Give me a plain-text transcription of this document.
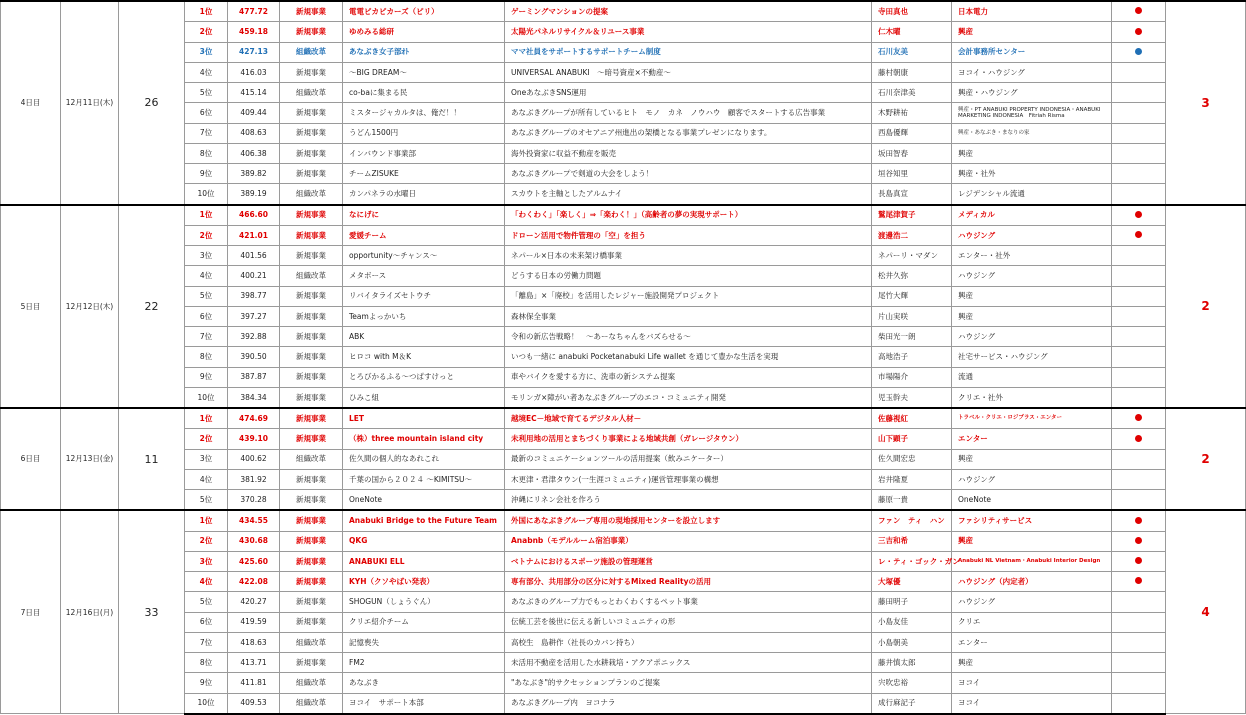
4日目	12月11日(木)	26	1位	477.72	新規事業	電電ピカピカーズ（ピリ）	ゲーミングマンションの提案	寺田真也	日本電力		3
			2位	459.18	新規事業	ゆめみる総研	太陽光パネルリサイクル＆リユース事業	仁木曜	興産		
			3位	427.13	組織改革	あなぶき女子部ｵﾄ	ママ社員をサポートするサポートチーム制度	石川友美	会計事務所センター		
			4位	416.03	新規事業	～BIG DREAM～	UNIVERSAL ANABUKI　～暗号資産×不動産～	藤村朝康	ヨコイ・ハウジング		
			5位	415.14	組織改革	co-baに集まる民	OneあなぶきSNS運用	石川奈津美	興産・ハウジング		
			6位	409.44	新規事業	ミスタージャカルタは、俺だ！！	あなぶきグループが所有しているヒト　モノ　カネ　ノウハウ　顧客でスタートする広告事業	木野耕祐	興産・PT ANABUKI PROPERTY INDONESIA・ANABUKI MARKETING INDONESIA　Fitriah Risma		
			7位	408.63	新規事業	うどん1500円	あなぶきグループのオセアニア州進出の架橋となる事業プレゼンになります。	西島優輝	興産・あなぶき・まなりの家		
			8位	406.38	新規事業	インバウンド事業部	海外投資家に収益不動産を販売	坂田智春	興産		
			9位	389.82	新規事業	チームZISUKE	あなぶきグループで剣道の大会をしよう！	垣谷知里	興産・社外		
			10位	389.19	組織改革	カンパネラの水曜日	スカウトを主軸としたアルムナイ	長島真宣	レジデンシャル流通		
5日目	12月12日(木)	22	1位	466.60	新規事業	なにげに	「わくわく」「楽しく」⇒「楽わく！」（高齢者の夢の実現サポート）	鷲尾津賀子	メディカル		2
			2位	421.01	新規事業	愛媛チーム	ドローン活用で物件管理の「空」を担う	渡邊浩二	ハウジング		
			3位	401.56	新規事業	opportunity～チャンス～	ネパール×日本の未来架け橋事業	ネパーリ・マダン	エンター・社外		
			4位	400.21	組織改革	メタボース	どうする日本の労働力問題	松井久弥	ハウジング		
			5位	398.77	新規事業	リバイタライズセトウチ	「離島」×「廃校」を活用したレジャー施設開発プロジェクト	尾竹大輝	興産		
			6位	397.27	新規事業	Teamよっかいち	森林保全事業	片山実咲	興産		
			7位	392.88	新規事業	ABK	令和の新広告戦略！　～あーなちゃんをバズらせる～	柴田光一朗	ハウジング		
			8位	390.50	新規事業	ヒロコ with M＆K	いつも一緒に anabuki Pocketanabuki Life wallet を通じて豊かな生活を実現	高地浩子	社宅サービス・ハウジング		
			9位	387.87	新規事業	とろびかるふる～つぱすけっと	車やバイクを愛する方に、洗車の新システム提案	市場陽介	流通		
			10位	384.34	新規事業	ひみこ組	モリンガ×障がい者あなぶきグループのエコ・コミュニティ開発	児玉幹夫	クリエ・社外		
6日目	12月13日(金)	11	1位	474.69	新規事業	LET	越境EC－地域で育てるデジタル人材－	佐藤視紅	トラベル・クリエ・ロジプラス・エンター		2
			2位	439.10	新規事業	（株）three mountain island city	未利用地の活用とまちづくり事業による地域共創（ガレージタウン）	山下顕子	エンター		
			3位	400.62	組織改革	佐久間の個人的なあれこれ	最新のコミュニケーションツールの活用提案（飲みニケーター）	佐久間宏忠	興産		
			4位	381.92	新規事業	千葉の国から２０２４ ～KIMITSU～	木更津・君津タウン(一生涯コミュニティ)運営管理事業の構想	岩井隆夏	ハウジング		
			5位	370.28	新規事業	OneNote	沖縄にリネン会社を作ろう	藤原一貴	OneNote		
7日目	12月16日(月)	33	1位	434.55	新規事業	Anabuki Bridge to the Future Team	外国にあなぶきグループ専用の現地採用センターを設立します	ファン　ティ　ハン	ファシリティサービス		4
			2位	430.68	新規事業	QKG	Anabnb（モデルルーム宿泊事業）	三吉和希	興産		
			3位	425.60	新規事業	ANABUKI ELL	ベトナムにおけるスポーツ施設の管理運営	レ・ティ・ゴック・ガン	Anabuki NL Vietnam・Anabuki Interior Design		
			4位	422.08	新規事業	KYH（クソやばい発表）	専有部分、共用部分の区分に対するMixed Realityの活用	大塚優	ハウジング（内定者）		
			5位	420.27	新規事業	SHOGUN（しょうぐん）	あなぶきのグループ力でもっとわくわくするペット事業	藤田明子	ハウジング		
			6位	419.59	新規事業	クリエ紹介チーム	伝統工芸を後世に伝える新しいコミュニティの形	小島友佳	クリエ		
			7位	418.63	組織改革	記憶喪失	高校生　島耕作（社長のカバン持ち）	小島朝美	エンター		
			8位	413.71	新規事業	FM2	未活用不動産を活用した水耕栽培・アクアポニックス	藤井慎太郎	興産		
			9位	411.81	組織改革	あなぶき	"あなぶき"的サクセッションプランのご提案	宍吹忠裕	ヨコイ		
			10位	409.53	組織改革	ヨコイ　サポート本部	あなぶきグループ内　ヨコナラ	成行麻記子	ヨコイ		
